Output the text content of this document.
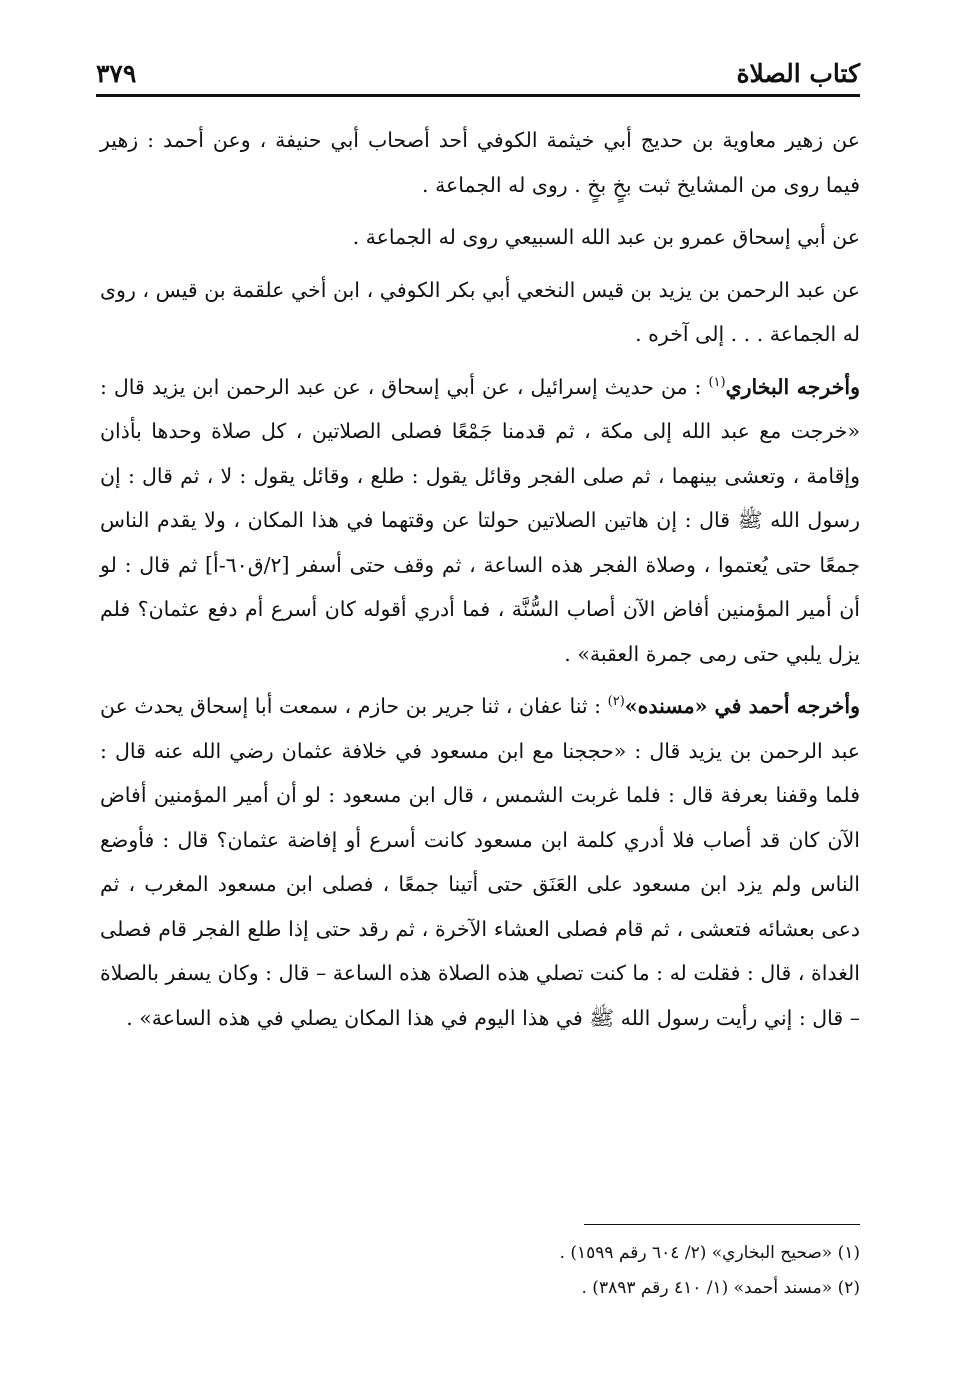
كتاب الصلاة
٣٧٩

عن زهير معاوية بن حديج أبي خيثمة الكوفي أحد أصحاب أبي حنيفة ، وعن أحمد : زهير فيما روى من المشايخ ثبت بخٍ بخٍ . روى له الجماعة .

عن أبي إسحاق عمرو بن عبد الله السبيعي روى له الجماعة .

عن عبد الرحمن بن يزيد بن قيس النخعي أبي بكر الكوفي ، ابن أخي علقمة بن قيس ، روى له الجماعة . . . إلى آخره .

وأخرجه البخاري$^{(١)}$ : من حديث إسرائيل ، عن أبي إسحاق ، عن عبد الرحمن ابن يزيد قال : «خرجت مع عبد الله إلى مكة ، ثم قدمنا جَمْعًا فصلى الصلاتين ، كل صلاة وحدها بأذان وإقامة ، وتعشى بينهما ، ثم صلى الفجر وقائل يقول : طلع ، وقائل يقول : لا ، ثم قال : إن رسول الله ﷺ قال : إن هاتين الصلاتين حولتا عن وقتهما في هذا المكان ، ولا يقدم الناس جمعًا حتى يُعتموا ، وصلاة الفجر هذه الساعة ، ثم وقف حتى أسفر [٢/ق٦٠-أ] ثم قال : لو أن أمير المؤمنين أفاض الآن أصاب السُّنَّة ، فما أدري أقوله كان أسرع أم دفع عثمان؟ فلم يزل يلبي حتى رمى جمرة العقبة» .

وأخرجه أحمد في «مسنده»$^{(٢)}$ : ثنا عفان ، ثنا جرير بن حازم ، سمعت أبا إسحاق يحدث عن عبد الرحمن بن يزيد قال : «حججنا مع ابن مسعود في خلافة عثمان رضي الله عنه قال : فلما وقفنا بعرفة قال : فلما غربت الشمس ، قال ابن مسعود : لو أن أمير المؤمنين أفاض الآن كان قد أصاب فلا أدري كلمة ابن مسعود كانت أسرع أو إفاضة عثمان؟ قال : فأوضع الناس ولم يزد ابن مسعود على العَنَق حتى أتينا جمعًا ، فصلى ابن مسعود المغرب ، ثم دعى بعشائه فتعشى ، ثم قام فصلى العشاء الآخرة ، ثم رقد حتى إذا طلع الفجر قام فصلى الغداة ، قال : فقلت له : ما كنت تصلي هذه الصلاة هذه الساعة – قال : وكان يسفر بالصلاة – قال : إني رأيت رسول الله ﷺ في هذا اليوم في هذا المكان يصلي في هذه الساعة» .

(١) «صحيح البخاري» (٢/ ٦٠٤ رقم ١٥٩٩) .

(٢) «مسند أحمد» (١/ ٤١٠ رقم ٣٨٩٣) .
